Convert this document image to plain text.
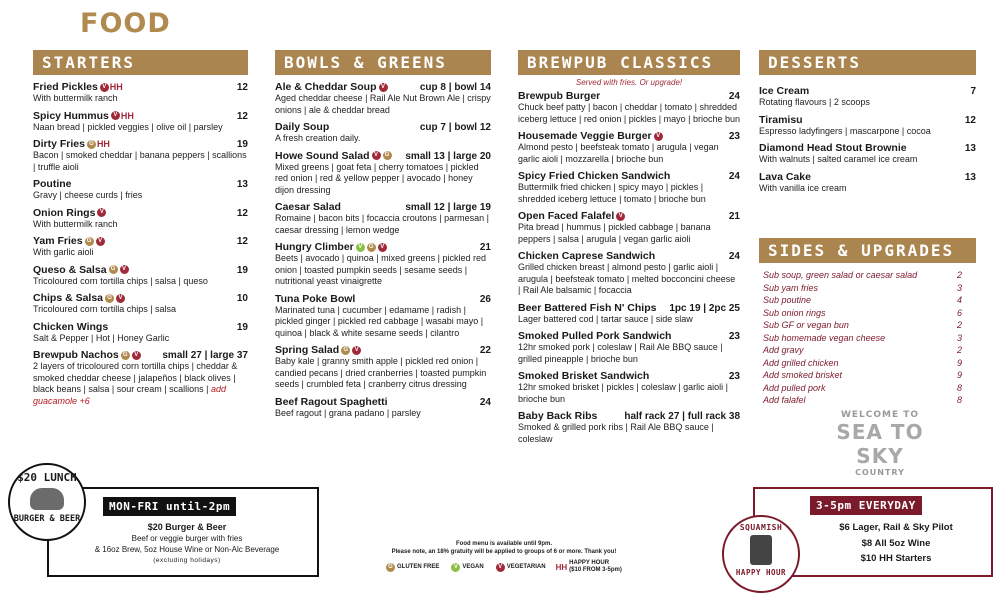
FOOD
STARTERS
Fried Pickles V HH	12
With buttermilk ranch
Spicy Hummus V HH	12
Naan bread | pickled veggies | olive oil | parsley
Dirty Fries G HH	19
Bacon | smoked cheddar | banana peppers | scallions | truffle aioli
Poutine	13
Gravy | cheese curds | fries
Onion Rings V	12
With buttermilk ranch
Yam Fries G V	12
With garlic aioli
Queso & Salsa G V	19
Tricoloured corn tortilla chips | salsa | queso
Chips & Salsa G V	10
Tricoloured corn tortilla chips | salsa
Chicken Wings	19
Salt & Pepper | Hot | Honey Garlic
Brewpub Nachos G V small 27 | large 37
2 layers of tricoloured corn tortilla chips | cheddar & smoked cheddar cheese | jalapeños | black olives | black beans | salsa | sour cream | scallions | add guacamole +6
BOWLS & GREENS
Ale & Cheddar Soup V	cup 8 | bowl 14
Aged cheddar cheese | Rail Ale Nut Brown Ale | crispy onions | ale & cheddar bread
Daily Soup	cup 7 | bowl 12
A fresh creation daily.
Howe Sound Salad V G small 13 | large 20
Mixed greens | goat feta | cherry tomatoes | pickled red onion | red & yellow pepper | avocado | honey dijon dressing
Caesar Salad	small 12 | large 19
Romaine | bacon bits | focaccia croutons | parmesan | caesar dressing | lemon wedge
Hungry Climber V G V	21
Beets | avocado | quinoa | mixed greens | pickled red onion | toasted pumpkin seeds | sesame seeds | nutritional yeast vinaigrette
Tuna Poke Bowl	26
Marinated tuna | cucumber | edamame | radish | pickled ginger | pickled red cabbage | wasabi mayo | quinoa | black & white sesame seeds | cilantro
Spring Salad G V	22
Baby kale | granny smith apple | pickled red onion | candied pecans | dried cranberries | toasted pumpkin seeds | crumbled feta | cranberry citrus dressing
Beef Ragout Spaghetti	24
Beef ragout | grana padano | parsley
BREWPUB CLASSICS
Served with fries. Or upgrade!
Brewpub Burger	24
Chuck beef patty | bacon | cheddar | tomato | shredded iceberg lettuce | red onion | pickles | mayo | brioche bun
Housemade Veggie Burger V	23
Almond pesto | beefsteak tomato | arugula | vegan garlic aioli | mozzarella | brioche bun
Spicy Fried Chicken Sandwich	24
Buttermilk fried chicken | spicy mayo | pickles | shredded iceberg lettuce | tomato | brioche bun
Open Faced Falafel V	21
Pita bread | hummus | pickled cabbage | banana peppers | salsa | arugula | vegan garlic aioli
Chicken Caprese Sandwich	24
Grilled chicken breast | almond pesto | garlic aioli | arugula | beefsteak tomato | melted bocconcini cheese | Rail Ale balsamic | focaccia
Beer Battered Fish N' Chips 1pc 19 | 2pc 25
Lager battered cod | tartar sauce | side slaw
Smoked Pulled Pork Sandwich	23
12hr smoked pork | coleslaw | Rail Ale BBQ sauce | grilled pineapple | brioche bun
Smoked Brisket Sandwich	23
12hr smoked brisket | pickles | coleslaw | garlic aioli | brioche bun
Baby Back Ribs	half rack 27 | full rack 38
Smoked & grilled pork ribs | Rail Ale BBQ sauce | coleslaw
DESSERTS
Ice Cream	7
Rotating flavours | 2 scoops
Tiramisu	12
Espresso ladyfingers | mascarpone | cocoa
Diamond Head Stout Brownie	13
With walnuts | salted caramel ice cream
Lava Cake	13
With vanilla ice cream
SIDES & UPGRADES
Sub soup, green salad or caesar salad	2
Sub yam fries	3
Sub poutine	4
Sub onion rings	6
Sub GF or vegan bun	2
Sub homemade vegan cheese	3
Add gravy	2
Add grilled chicken	9
Add smoked brisket	9
Add pulled pork	8
Add falafel	8
WELCOME TO
SEA TO SKY
COUNTRY
$20 LUNCH
BURGER & BEER
MON-FRI until-2pm
$20 Burger & Beer
Beef or veggie burger with fries
& 16oz Brew, 5oz House Wine or Non-Alc Beverage
(excluding holidays)
Food menu is available until 9pm.
Please note, an 18% gratuity will be applied to groups of 6 or more. Thank you!
G GLUTEN FREE	V VEGAN	V VEGETARIAN HH HAPPY HOUR
($10 FROM 3-5pm)
3-5pm EVERYDAY
$6 Lager, Rail & Sky Pilot
$8 All 5oz Wine
$10 HH Starters
SQUAMISH
HAPPY HOUR
